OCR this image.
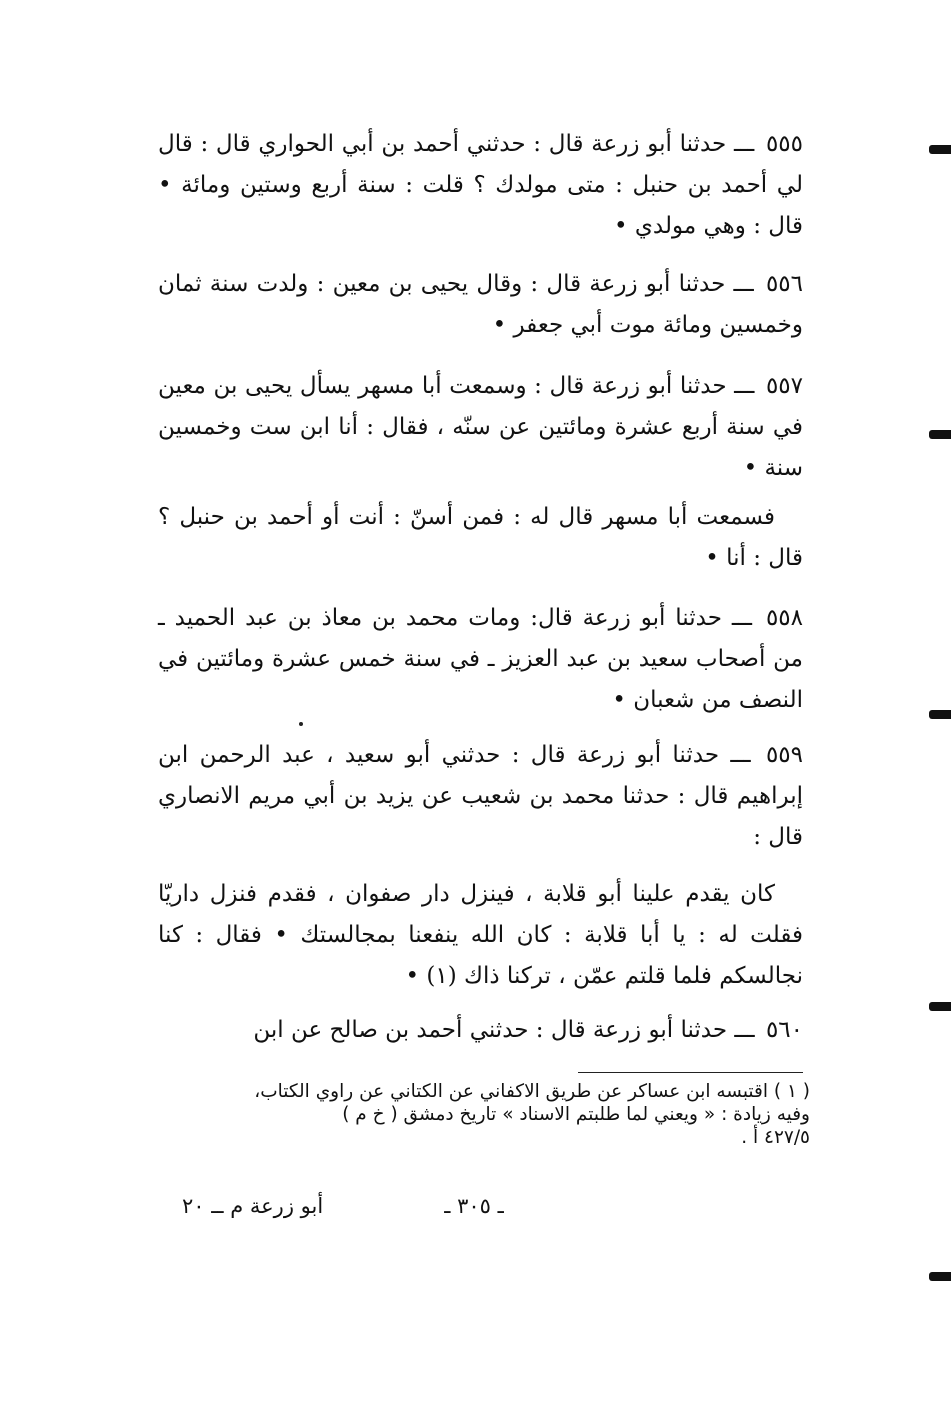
٥٥٥ ـــ حدثنا أبو زرعة قال : حدثني أحمد بن أبي الحواري قال : قال لي أحمد بن حنبل : متى مولدك ؟ قلت : سنة أربع وستين ومائة • قال : وهي مولدي •

٥٥٦ ـــ حدثنا أبو زرعة قال : وقال يحيى بن معين : ولدت سنة ثمان وخمسين ومائة موت أبي جعفر •

٥٥٧ ـــ حدثنا أبو زرعة قال : وسمعت أبا مسهر يسأل يحيى بن معين في سنة أربع عشرة ومائتين عن سنّه ، فقال : أنا ابن ست وخمسين سنة •

فسمعت أبا مسهر قال له : فمن أسنّ : أنت أو أحمد بن حنبل ؟ قال : أنا •

٥٥٨ ـــ حدثنا أبو زرعة قال: ومات محمد بن معاذ بن عبد الحميد ـ من أصحاب سعيد بن عبد العزيز ـ في سنة خمس عشرة ومائتين في النصف من شعبان •

٥٥٩ ـــ حدثنا أبو زرعة قال : حدثني أبو سعيد ، عبد الرحمن ابن إبراهيم قال : حدثنا محمد بن شعيب عن يزيد بن أبي مريم الانصاري قال :

كان يقدم علينا أبو قلابة ، فينزل دار صفوان ، فقدم فنزل داريّا فقلت له : يا أبا قلابة : كان الله ينفعنا بمجالستك • فقال : كنا نجالسكم فلما قلتم عمّن ، تركنا ذاك (١) •

٥٦٠ ـــ حدثنا أبو زرعة قال : حدثني أحمد بن صالح عن ابن

( ١ ) اقتبسه ابن عساكر عن طريق الاكفاني عن الكتاني عن راوي الكتاب،
وفيه زيادة : « ويعني لما طلبتم الاسناد » تاريخ دمشق ( خ م )
٤٢٧/٥ أ .
ـ ٣٠٥ ـ
أبو زرعة م ــ ٢٠
